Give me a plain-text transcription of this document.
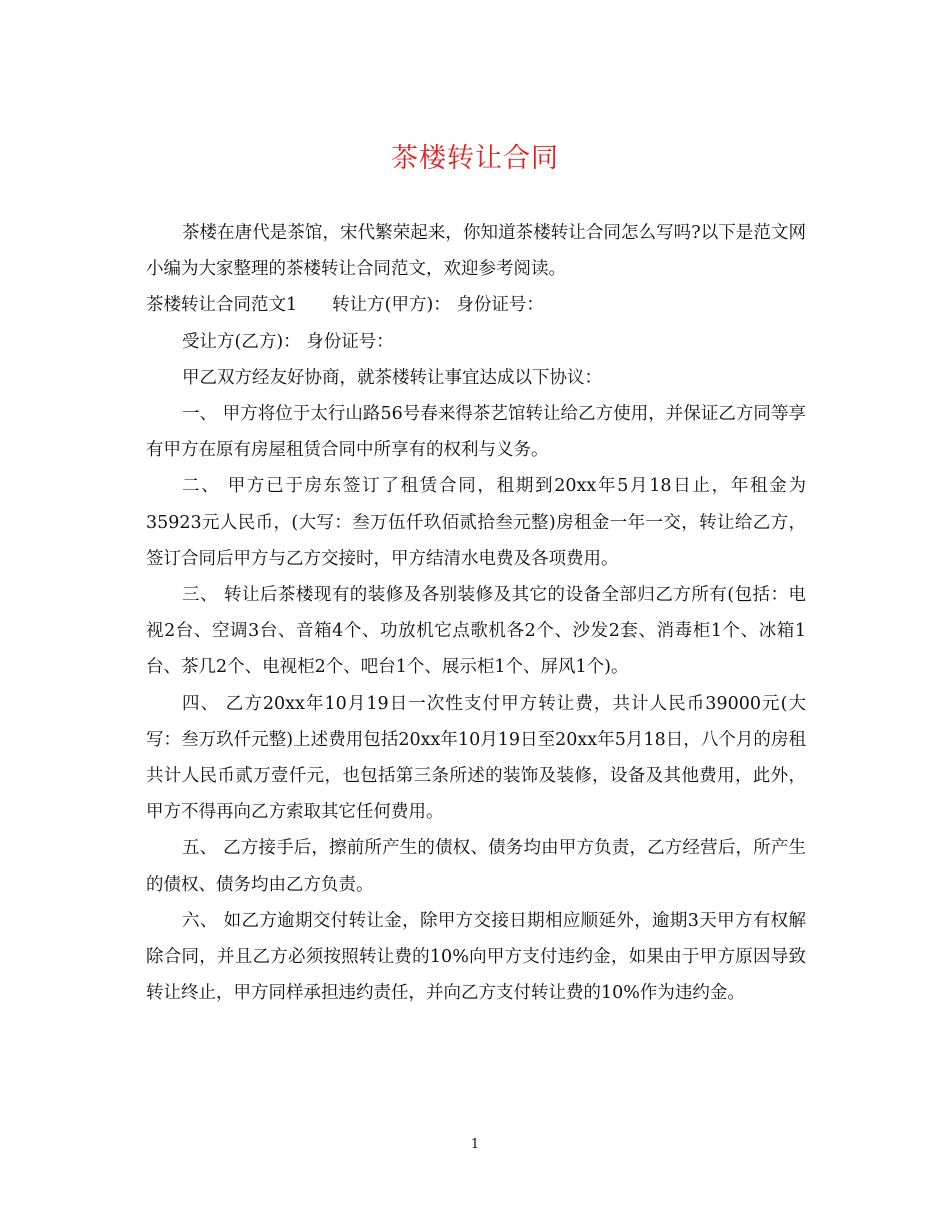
茶楼转让合同

茶楼在唐代是茶馆，宋代繁荣起来，你知道茶楼转让合同怎么写吗?以下是范文网小编为大家整理的茶楼转让合同范文，欢迎参考阅读。

茶楼转让合同范文1　　转让方(甲方)： 身份证号：

受让方(乙方)： 身份证号：

甲乙双方经友好协商，就茶楼转让事宜达成以下协议：

一、 甲方将位于太行山路56号春来得茶艺馆转让给乙方使用，并保证乙方同等享有甲方在原有房屋租赁合同中所享有的权利与义务。

二、 甲方已于房东签订了租赁合同，租期到20xx年5月18日止，年租金为35923元人民币，(大写：叁万伍仟玖佰贰拾叁元整)房租金一年一交，转让给乙方，签订合同后甲方与乙方交接时，甲方结清水电费及各项费用。

三、 转让后茶楼现有的装修及各别装修及其它的设备全部归乙方所有(包括：电视2台、空调3台、音箱4个、功放机它点歌机各2个、沙发2套、消毒柜1个、冰箱1台、茶几2个、电视柜2个、吧台1个、展示柜1个、屏风1个)。

四、 乙方20xx年10月19日一次性支付甲方转让费，共计人民币39000元(大写：叁万玖仟元整)上述费用包括20xx年10月19日至20xx年5月18日，八个月的房租共计人民币贰万壹仟元，也包括第三条所述的装饰及装修，设备及其他费用，此外，甲方不得再向乙方索取其它任何费用。

五、 乙方接手后，擦前所产生的债权、债务均由甲方负责，乙方经营后，所产生的债权、债务均由乙方负责。

六、 如乙方逾期交付转让金，除甲方交接日期相应顺延外，逾期3天甲方有权解除合同，并且乙方必须按照转让费的10%向甲方支付违约金，如果由于甲方原因导致转让终止，甲方同样承担违约责任，并向乙方支付转让费的10%作为违约金。

1
